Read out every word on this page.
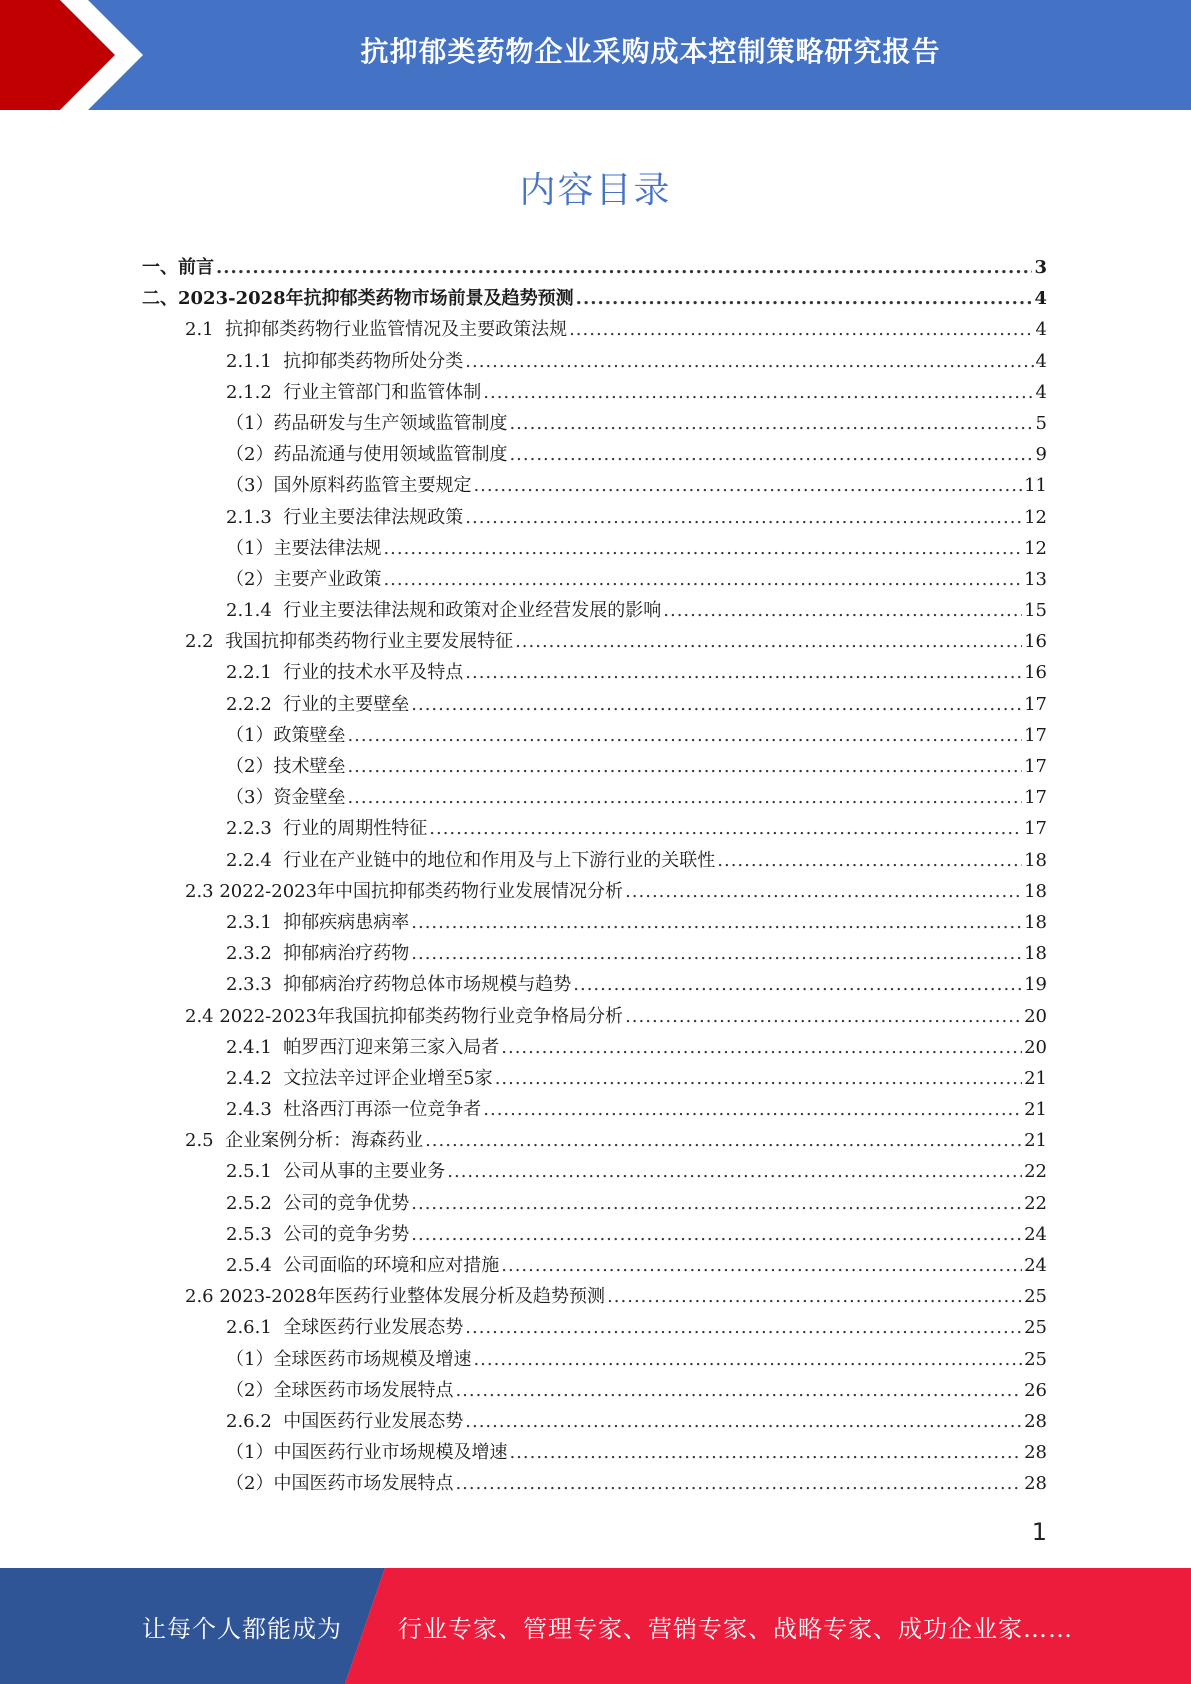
抗抑郁类药物企业采购成本控制策略研究报告
内容目录
一、 前言 .....	3
二、 2023-2028年抗抑郁类药物市场前景及趋势预测 .....	4
2.1 抗抑郁类药物行业监管情况及主要政策法规 .....	4
2.1.1 抗抑郁类药物所处分类 .....	4
2.1.2 行业主管部门和监管体制 .....	4
（1） 药品研发与生产领域监管制度 .....	5
（2） 药品流通与使用领域监管制度 .....	9
（3） 国外原料药监管主要规定 .....	11
2.1.3 行业主要法律法规政策 .....	12
（1） 主要法律法规 .....	12
（2） 主要产业政策 .....	13
2.1.4 行业主要法律法规和政策对企业经营发展的影响 .....	15
2.2 我国抗抑郁类药物行业主要发展特征 .....	16
2.2.1 行业的技术水平及特点 .....	16
2.2.2 行业的主要壁垒 .....	17
（1） 政策壁垒 .....	17
（2） 技术壁垒 .....	17
（3） 资金壁垒 .....	17
2.2.3 行业的周期性特征 .....	17
2.2.4 行业在产业链中的地位和作用及与上下游行业的关联性 .....	18
2.3 2022-2023年中国抗抑郁类药物行业发展情况分析 .....	18
2.3.1 抑郁疾病患病率 .....	18
2.3.2 抑郁病治疗药物 .....	18
2.3.3 抑郁病治疗药物总体市场规模与趋势 .....	19
2.4 2022-2023年我国抗抑郁类药物行业竞争格局分析 .....	20
2.4.1 帕罗西汀迎来第三家入局者 .....	20
2.4.2 文拉法辛过评企业增至5家 .....	21
2.4.3 杜洛西汀再添一位竞争者 .....	21
2.5 企业案例分析：海森药业 .....	21
2.5.1 公司从事的主要业务 .....	22
2.5.2 公司的竞争优势 .....	22
2.5.3 公司的竞争劣势 .....	24
2.5.4 公司面临的环境和应对措施 .....	24
2.6 2023-2028年医药行业整体发展分析及趋势预测 .....	25
2.6.1 全球医药行业发展态势 .....	25
（1） 全球医药市场规模及增速 .....	25
（2） 全球医药市场发展特点 .....	26
2.6.2 中国医药行业发展态势 .....	28
（1） 中国医药行业市场规模及增速 .....	28
（2） 中国医药市场发展特点 .....	28
1
让每个人都能成为 行业专家、管理专家、营销专家、战略专家、成功企业家……
